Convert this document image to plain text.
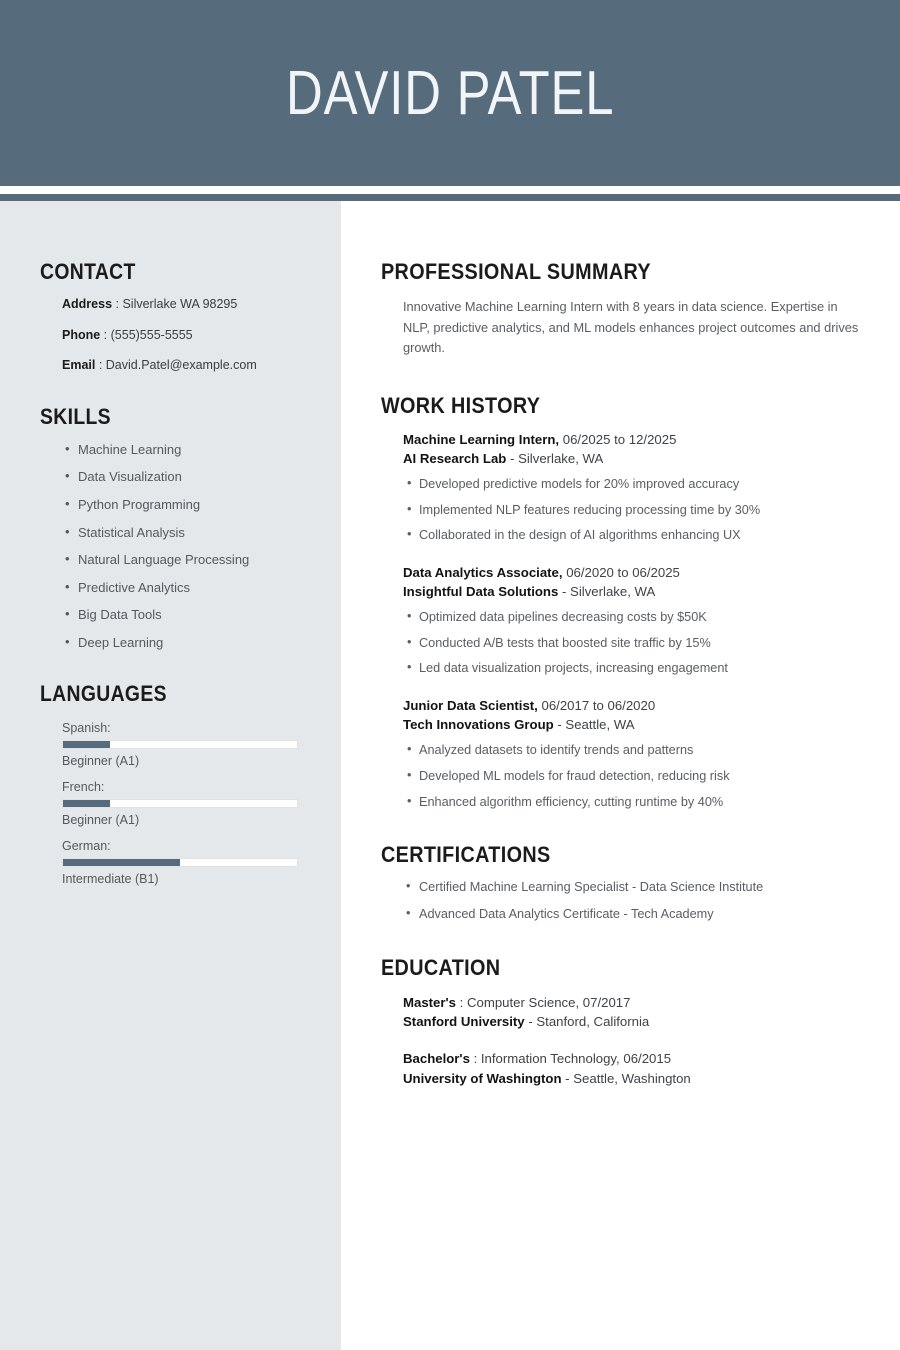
DAVID PATEL
CONTACT
Address : Silverlake WA 98295
Phone : (555)555-5555
Email : David.Patel@example.com
SKILLS
• Machine Learning
• Data Visualization
• Python Programming
• Statistical Analysis
• Natural Language Processing
• Predictive Analytics
• Big Data Tools
• Deep Learning
LANGUAGES
Spanish:
Beginner (A1)
French:
Beginner (A1)
German:
Intermediate (B1)
PROFESSIONAL SUMMARY

Innovative Machine Learning Intern with 8 years in data science. Expertise in NLP, predictive analytics, and ML models enhances project outcomes and drives growth.

WORK HISTORY
Machine Learning Intern, 06/2025 to 12/2025
AI Research Lab - Silverlake, WA
• Developed predictive models for 20% improved accuracy
• Implemented NLP features reducing processing time by 30%
• Collaborated in the design of AI algorithms enhancing UX
Data Analytics Associate, 06/2020 to 06/2025
Insightful Data Solutions - Silverlake, WA
• Optimized data pipelines decreasing costs by $50K
• Conducted A/B tests that boosted site traffic by 15%
• Led data visualization projects, increasing engagement
Junior Data Scientist, 06/2017 to 06/2020
Tech Innovations Group - Seattle, WA
• Analyzed datasets to identify trends and patterns
• Developed ML models for fraud detection, reducing risk
• Enhanced algorithm efficiency, cutting runtime by 40%
CERTIFICATIONS
• Certified Machine Learning Specialist - Data Science Institute
• Advanced Data Analytics Certificate - Tech Academy
EDUCATION
Master's : Computer Science, 07/2017
Stanford University - Stanford, California
Bachelor's : Information Technology, 06/2015
University of Washington - Seattle, Washington
